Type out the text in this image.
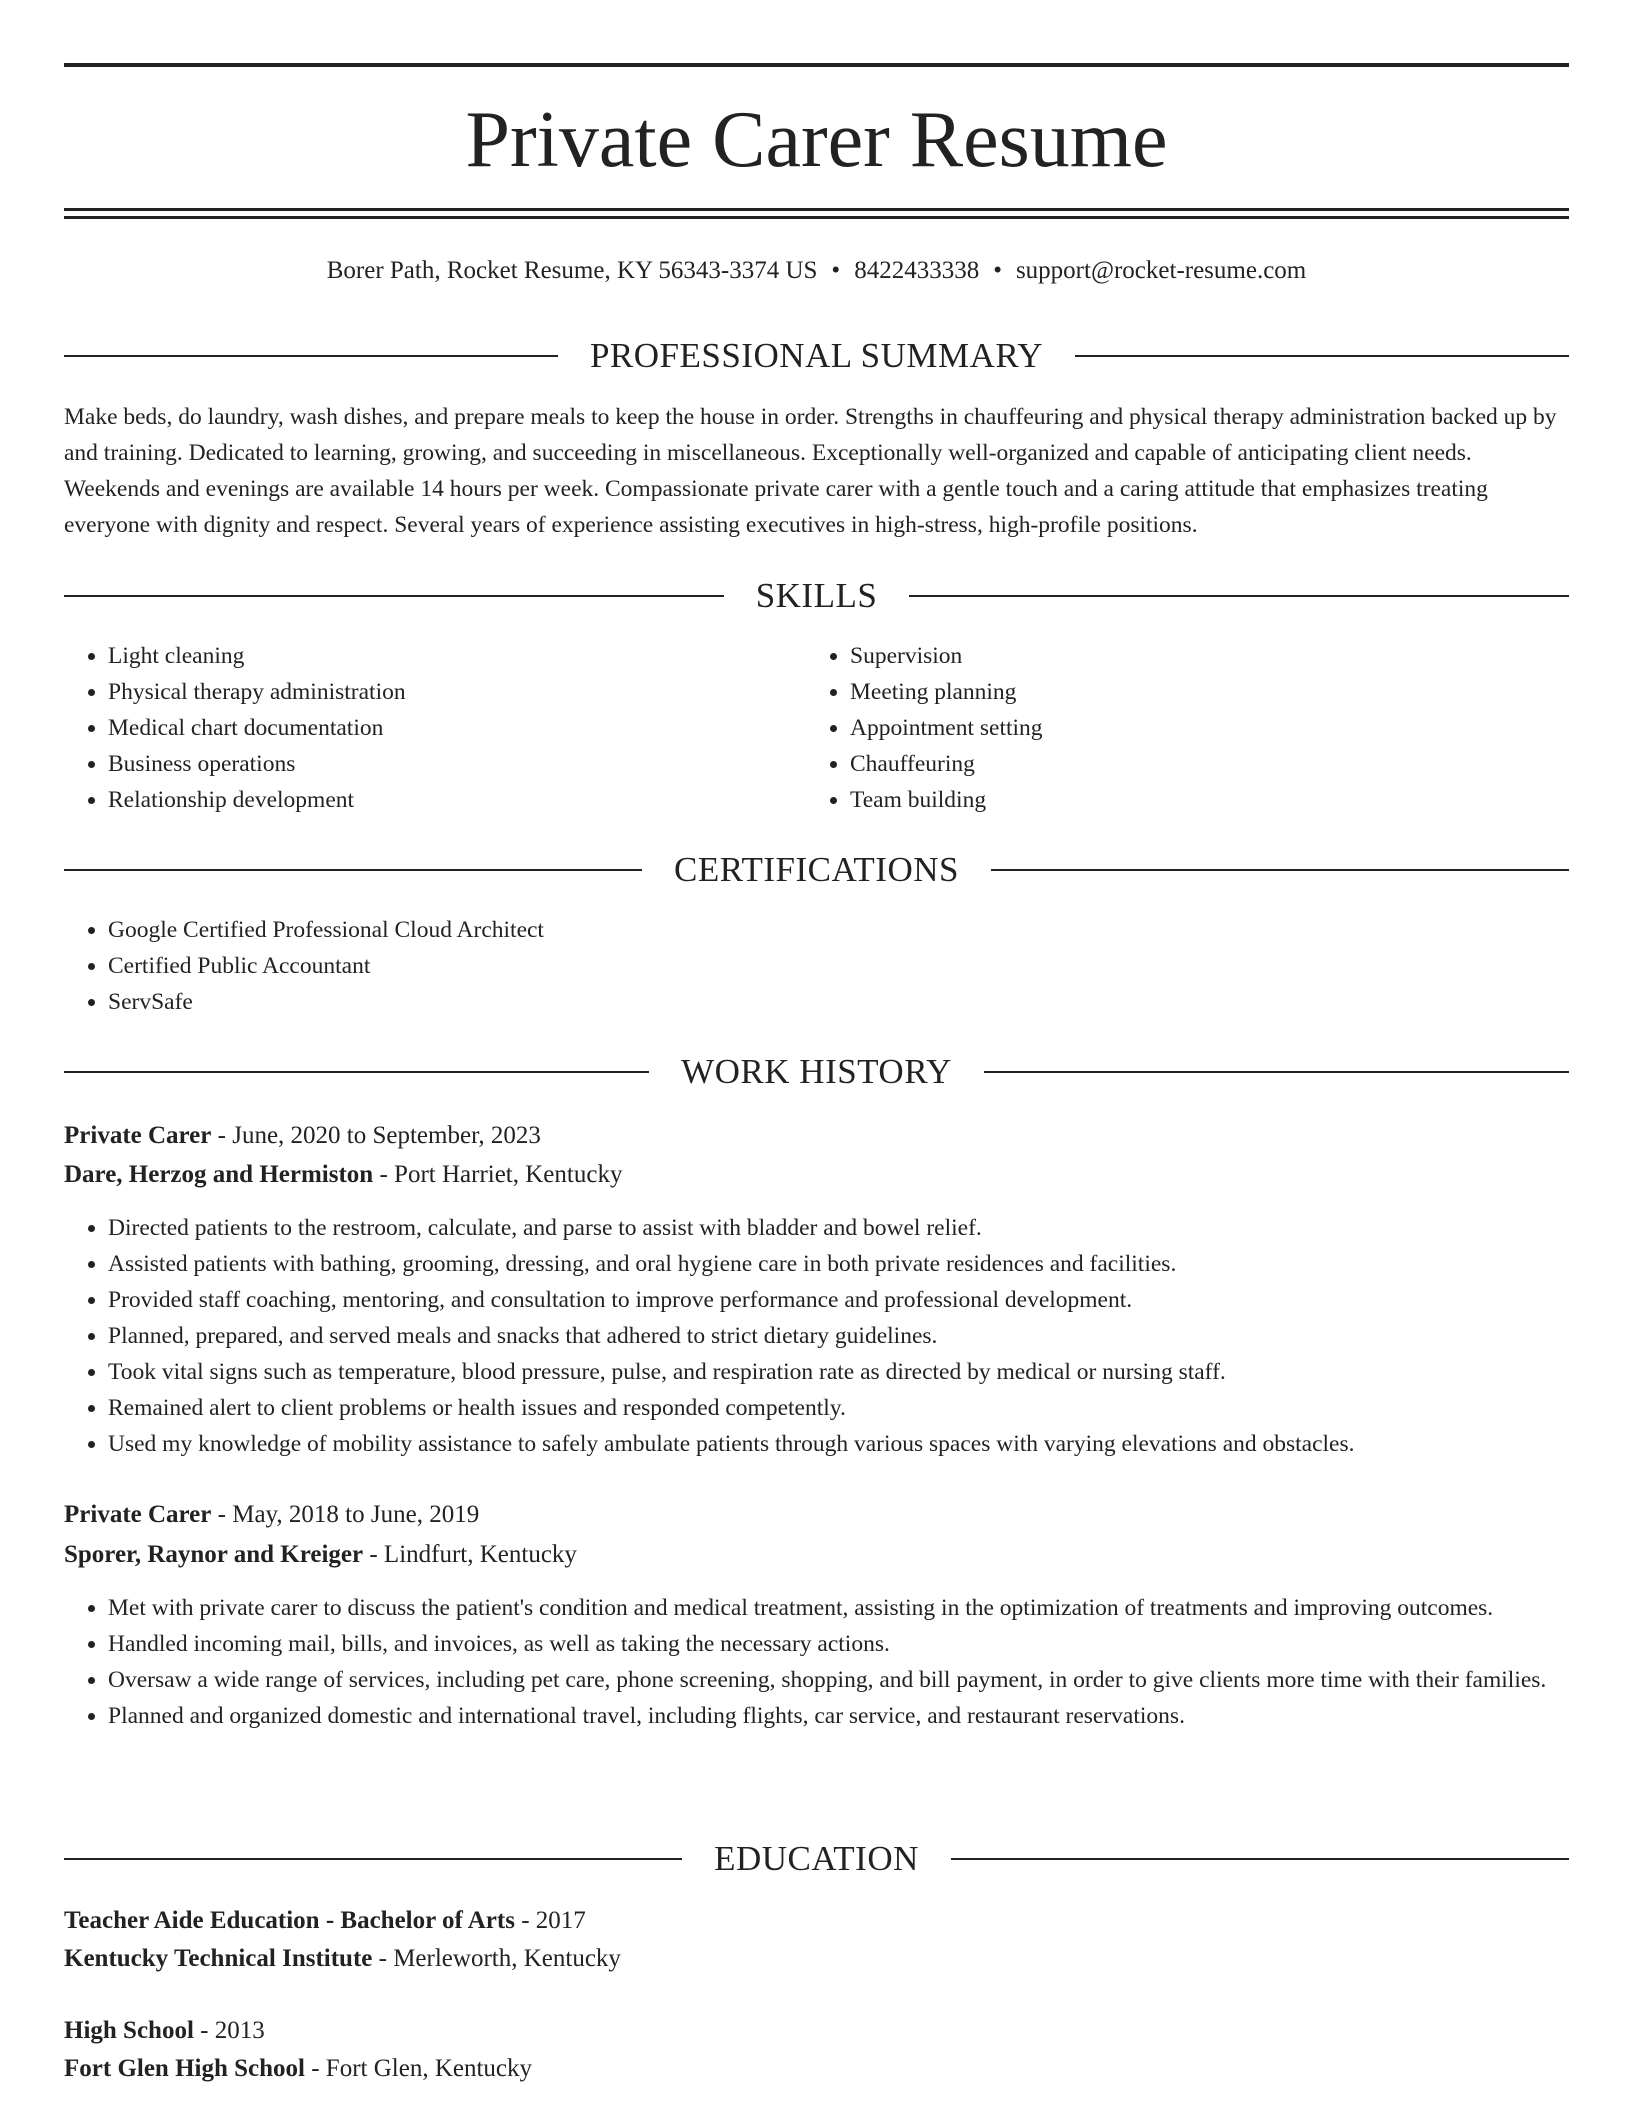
Private Carer Resume
Borer Path, Rocket Resume, KY 56343-3374 US • 8422433338 • support@rocket-resume.com
PROFESSIONAL SUMMARY
Make beds, do laundry, wash dishes, and prepare meals to keep the house in order. Strengths in chauffeuring and physical therapy administration backed up by and training. Dedicated to learning, growing, and succeeding in miscellaneous. Exceptionally well-organized and capable of anticipating client needs. Weekends and evenings are available 14 hours per week. Compassionate private carer with a gentle touch and a caring attitude that emphasizes treating everyone with dignity and respect. Several years of experience assisting executives in high-stress, high-profile positions.
SKILLS
• Light cleaning
• Physical therapy administration
• Medical chart documentation
• Business operations
• Relationship development
• Supervision
• Meeting planning
• Appointment setting
• Chauffeuring
• Team building
CERTIFICATIONS
• Google Certified Professional Cloud Architect
• Certified Public Accountant
• ServSafe
WORK HISTORY
Private Carer - June, 2020 to September, 2023
Dare, Herzog and Hermiston - Port Harriet, Kentucky
• Directed patients to the restroom, calculate, and parse to assist with bladder and bowel relief.
• Assisted patients with bathing, grooming, dressing, and oral hygiene care in both private residences and facilities.
• Provided staff coaching, mentoring, and consultation to improve performance and professional development.
• Planned, prepared, and served meals and snacks that adhered to strict dietary guidelines.
• Took vital signs such as temperature, blood pressure, pulse, and respiration rate as directed by medical or nursing staff.
• Remained alert to client problems or health issues and responded competently.
• Used my knowledge of mobility assistance to safely ambulate patients through various spaces with varying elevations and obstacles.
Private Carer - May, 2018 to June, 2019
Sporer, Raynor and Kreiger - Lindfurt, Kentucky
• Met with private carer to discuss the patient's condition and medical treatment, assisting in the optimization of treatments and improving outcomes.
• Handled incoming mail, bills, and invoices, as well as taking the necessary actions.
• Oversaw a wide range of services, including pet care, phone screening, shopping, and bill payment, in order to give clients more time with their families.
• Planned and organized domestic and international travel, including flights, car service, and restaurant reservations.
EDUCATION
Teacher Aide Education - Bachelor of Arts - 2017
Kentucky Technical Institute - Merleworth, Kentucky
High School - 2013
Fort Glen High School - Fort Glen, Kentucky
